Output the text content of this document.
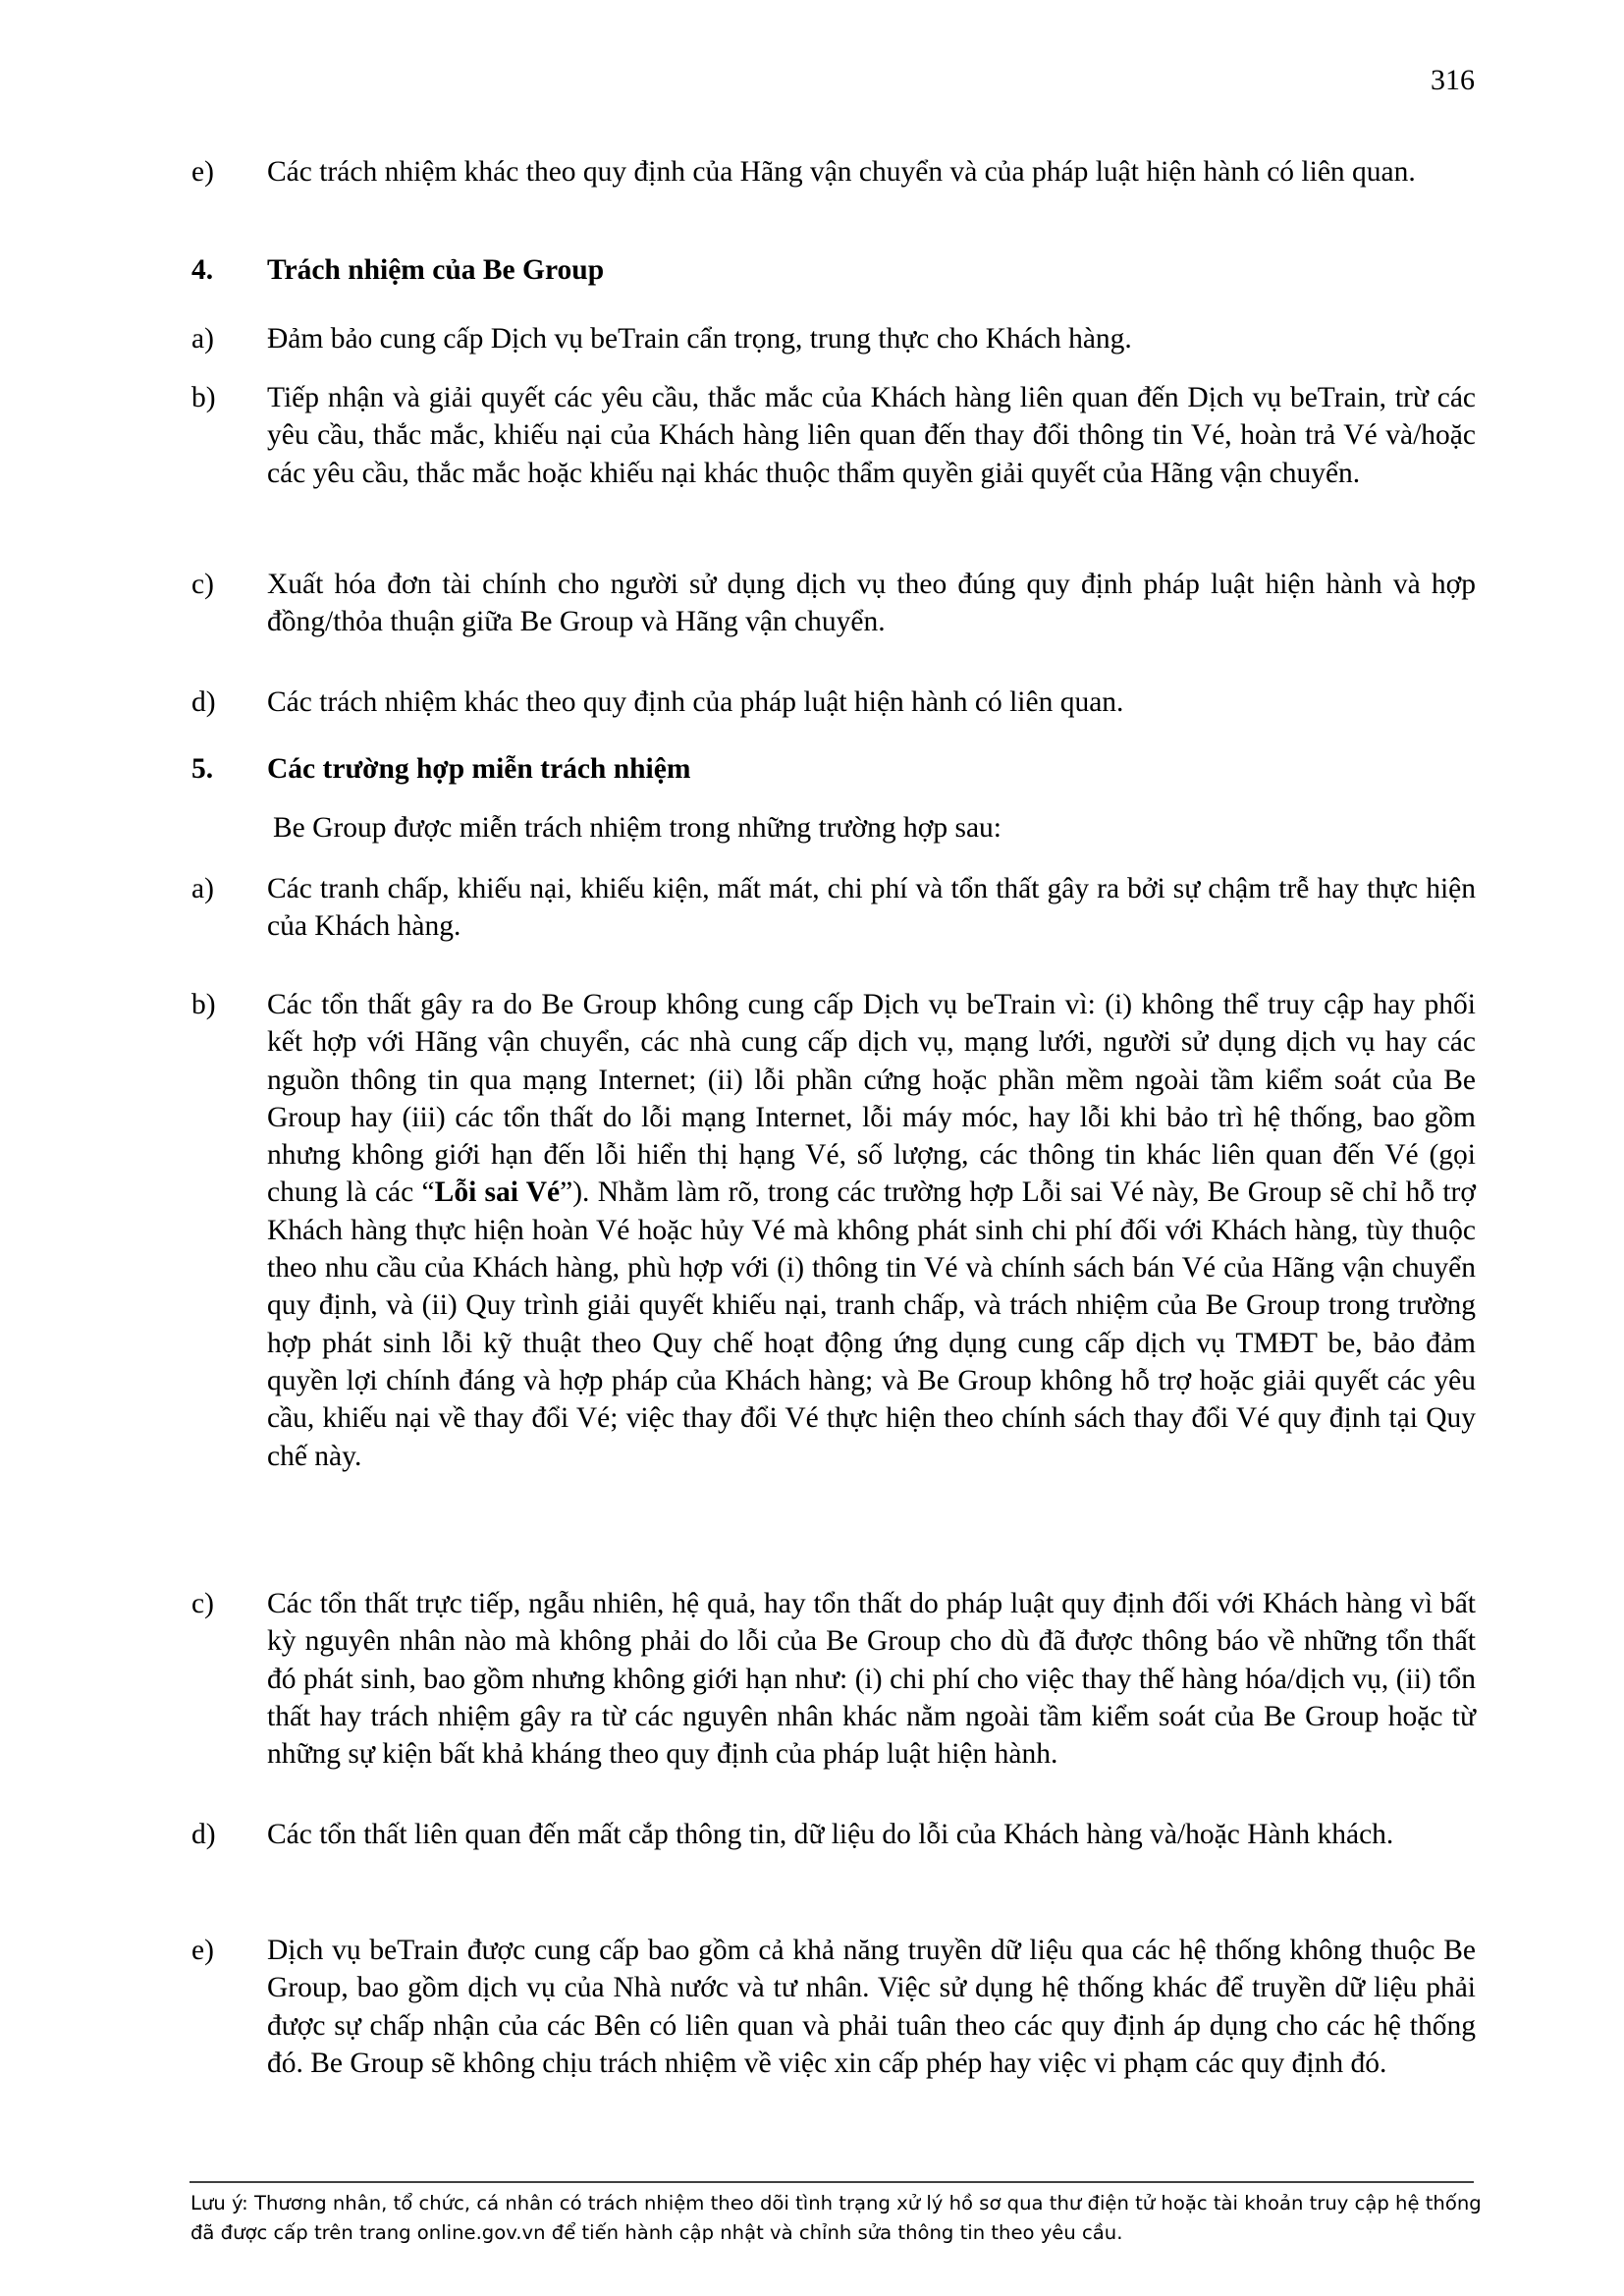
316
e)	Các trách nhiệm khác theo quy định của Hãng vận chuyển và của pháp luật hiện hành có liên quan.
4.	Trách nhiệm của Be Group
a)	Đảm bảo cung cấp Dịch vụ beTrain cẩn trọng, trung thực cho Khách hàng.
b)	Tiếp nhận và giải quyết các yêu cầu, thắc mắc của Khách hàng liên quan đến Dịch vụ beTrain, trừ các yêu cầu, thắc mắc, khiếu nại của Khách hàng liên quan đến thay đổi thông tin Vé, hoàn trả Vé và/hoặc các yêu cầu, thắc mắc hoặc khiếu nại khác thuộc thẩm quyền giải quyết của Hãng vận chuyển.
c)	Xuất hóa đơn tài chính cho người sử dụng dịch vụ theo đúng quy định pháp luật hiện hành và hợp đồng/thỏa thuận giữa Be Group và Hãng vận chuyển.
d)	Các trách nhiệm khác theo quy định của pháp luật hiện hành có liên quan.
5.	Các trường hợp miễn trách nhiệm
Be Group được miễn trách nhiệm trong những trường hợp sau:
a)	Các tranh chấp, khiếu nại, khiếu kiện, mất mát, chi phí và tổn thất gây ra bởi sự chậm trễ hay thực hiện của Khách hàng.
b)	Các tổn thất gây ra do Be Group không cung cấp Dịch vụ beTrain vì: (i) không thể truy cập hay phối kết hợp với Hãng vận chuyển, các nhà cung cấp dịch vụ, mạng lưới, người sử dụng dịch vụ hay các nguồn thông tin qua mạng Internet; (ii) lỗi phần cứng hoặc phần mềm ngoài tầm kiểm soát của Be Group hay (iii) các tổn thất do lỗi mạng Internet, lỗi máy móc, hay lỗi khi bảo trì hệ thống, bao gồm nhưng không giới hạn đến lỗi hiển thị hạng Vé, số lượng, các thông tin khác liên quan đến Vé (gọi chung là các “Lỗi sai Vé”). Nhằm làm rõ, trong các trường hợp Lỗi sai Vé này, Be Group sẽ chỉ hỗ trợ Khách hàng thực hiện hoàn Vé hoặc hủy Vé mà không phát sinh chi phí đối với Khách hàng, tùy thuộc theo nhu cầu của Khách hàng, phù hợp với (i) thông tin Vé và chính sách bán Vé của Hãng vận chuyển quy định, và (ii) Quy trình giải quyết khiếu nại, tranh chấp, và trách nhiệm của Be Group trong trường hợp phát sinh lỗi kỹ thuật theo Quy chế hoạt động ứng dụng cung cấp dịch vụ TMĐT be, bảo đảm quyền lợi chính đáng và hợp pháp của Khách hàng; và Be Group không hỗ trợ hoặc giải quyết các yêu cầu, khiếu nại về thay đổi Vé; việc thay đổi Vé thực hiện theo chính sách thay đổi Vé quy định tại Quy chế này.
c)	Các tổn thất trực tiếp, ngẫu nhiên, hệ quả, hay tổn thất do pháp luật quy định đối với Khách hàng vì bất kỳ nguyên nhân nào mà không phải do lỗi của Be Group cho dù đã được thông báo về những tổn thất đó phát sinh, bao gồm nhưng không giới hạn như: (i) chi phí cho việc thay thế hàng hóa/dịch vụ, (ii) tổn thất hay trách nhiệm gây ra từ các nguyên nhân khác nằm ngoài tầm kiểm soát của Be Group hoặc từ những sự kiện bất khả kháng theo quy định của pháp luật hiện hành.
d)	Các tổn thất liên quan đến mất cắp thông tin, dữ liệu do lỗi của Khách hàng và/hoặc Hành khách.
e)	Dịch vụ beTrain được cung cấp bao gồm cả khả năng truyền dữ liệu qua các hệ thống không thuộc Be Group, bao gồm dịch vụ của Nhà nước và tư nhân. Việc sử dụng hệ thống khác để truyền dữ liệu phải được sự chấp nhận của các Bên có liên quan và phải tuân theo các quy định áp dụng cho các hệ thống đó. Be Group sẽ không chịu trách nhiệm về việc xin cấp phép hay việc vi phạm các quy định đó.
Lưu ý: Thương nhân, tổ chức, cá nhân có trách nhiệm theo dõi tình trạng xử lý hồ sơ qua thư điện tử hoặc tài khoản truy cập hệ thống đã được cấp trên trang online.gov.vn để tiến hành cập nhật và chỉnh sửa thông tin theo yêu cầu.
